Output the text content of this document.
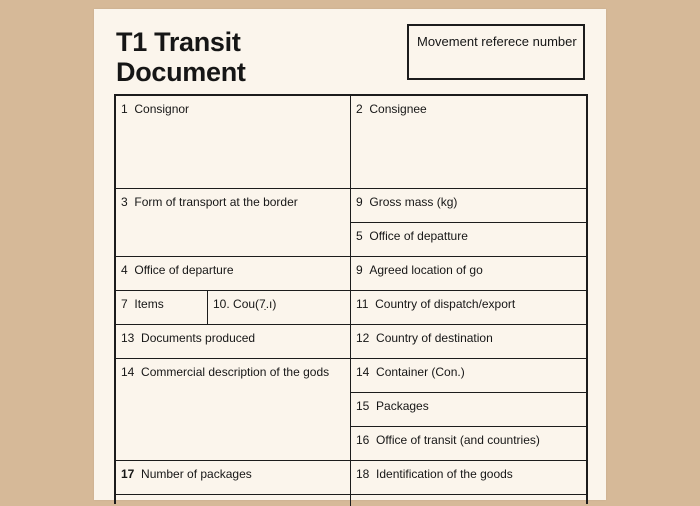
T1 Transit
Document
Movement referece number
1 Consignor	2 Consignee
3 Form of transport at the border	9 Gross mass (kg)
5 Office of depatture
4 Office of departure	9 Agreed location of go
7 Items	10. Cou(7.̣ı)	11 Country of dispatch/export
13 Documents produced	12 Country of destination
14 Commercial description of the gods 14 Container (Con.)
15 Packages
16 Office of transit (and countries)
17 Number of packages	18 Identification of the goods
